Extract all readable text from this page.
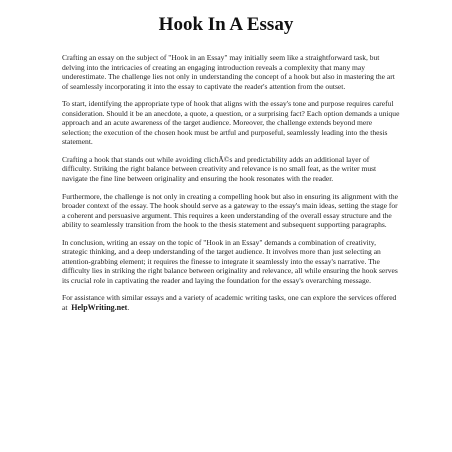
Hook In A Essay

Crafting an essay on the subject of "Hook in an Essay" may initially seem like a straightforward task, but delving into the intricacies of creating an engaging introduction reveals a complexity that many may underestimate. The challenge lies not only in understanding the concept of a hook but also in mastering the art of seamlessly incorporating it into the essay to captivate the reader's attention from the outset.

To start, identifying the appropriate type of hook that aligns with the essay's tone and purpose requires careful consideration. Should it be an anecdote, a quote, a question, or a surprising fact? Each option demands a unique approach and an acute awareness of the target audience. Moreover, the challenge extends beyond mere selection; the execution of the chosen hook must be artful and purposeful, seamlessly leading into the thesis statement.

Crafting a hook that stands out while avoiding clichÃ©s and predictability adds an additional layer of difficulty. Striking the right balance between creativity and relevance is no small feat, as the writer must navigate the fine line between originality and ensuring the hook resonates with the reader.

Furthermore, the challenge is not only in creating a compelling hook but also in ensuring its alignment with the broader context of the essay. The hook should serve as a gateway to the essay's main ideas, setting the stage for a coherent and persuasive argument. This requires a keen understanding of the overall essay structure and the ability to seamlessly transition from the hook to the thesis statement and subsequent supporting paragraphs.

In conclusion, writing an essay on the topic of "Hook in an Essay" demands a combination of creativity, strategic thinking, and a deep understanding of the target audience. It involves more than just selecting an attention-grabbing element; it requires the finesse to integrate it seamlessly into the essay's narrative. The difficulty lies in striking the right balance between originality and relevance, all while ensuring the hook serves its crucial role in captivating the reader and laying the foundation for the essay's overarching message.

For assistance with similar essays and a variety of academic writing tasks, one can explore the services offered at HelpWriting.net.
